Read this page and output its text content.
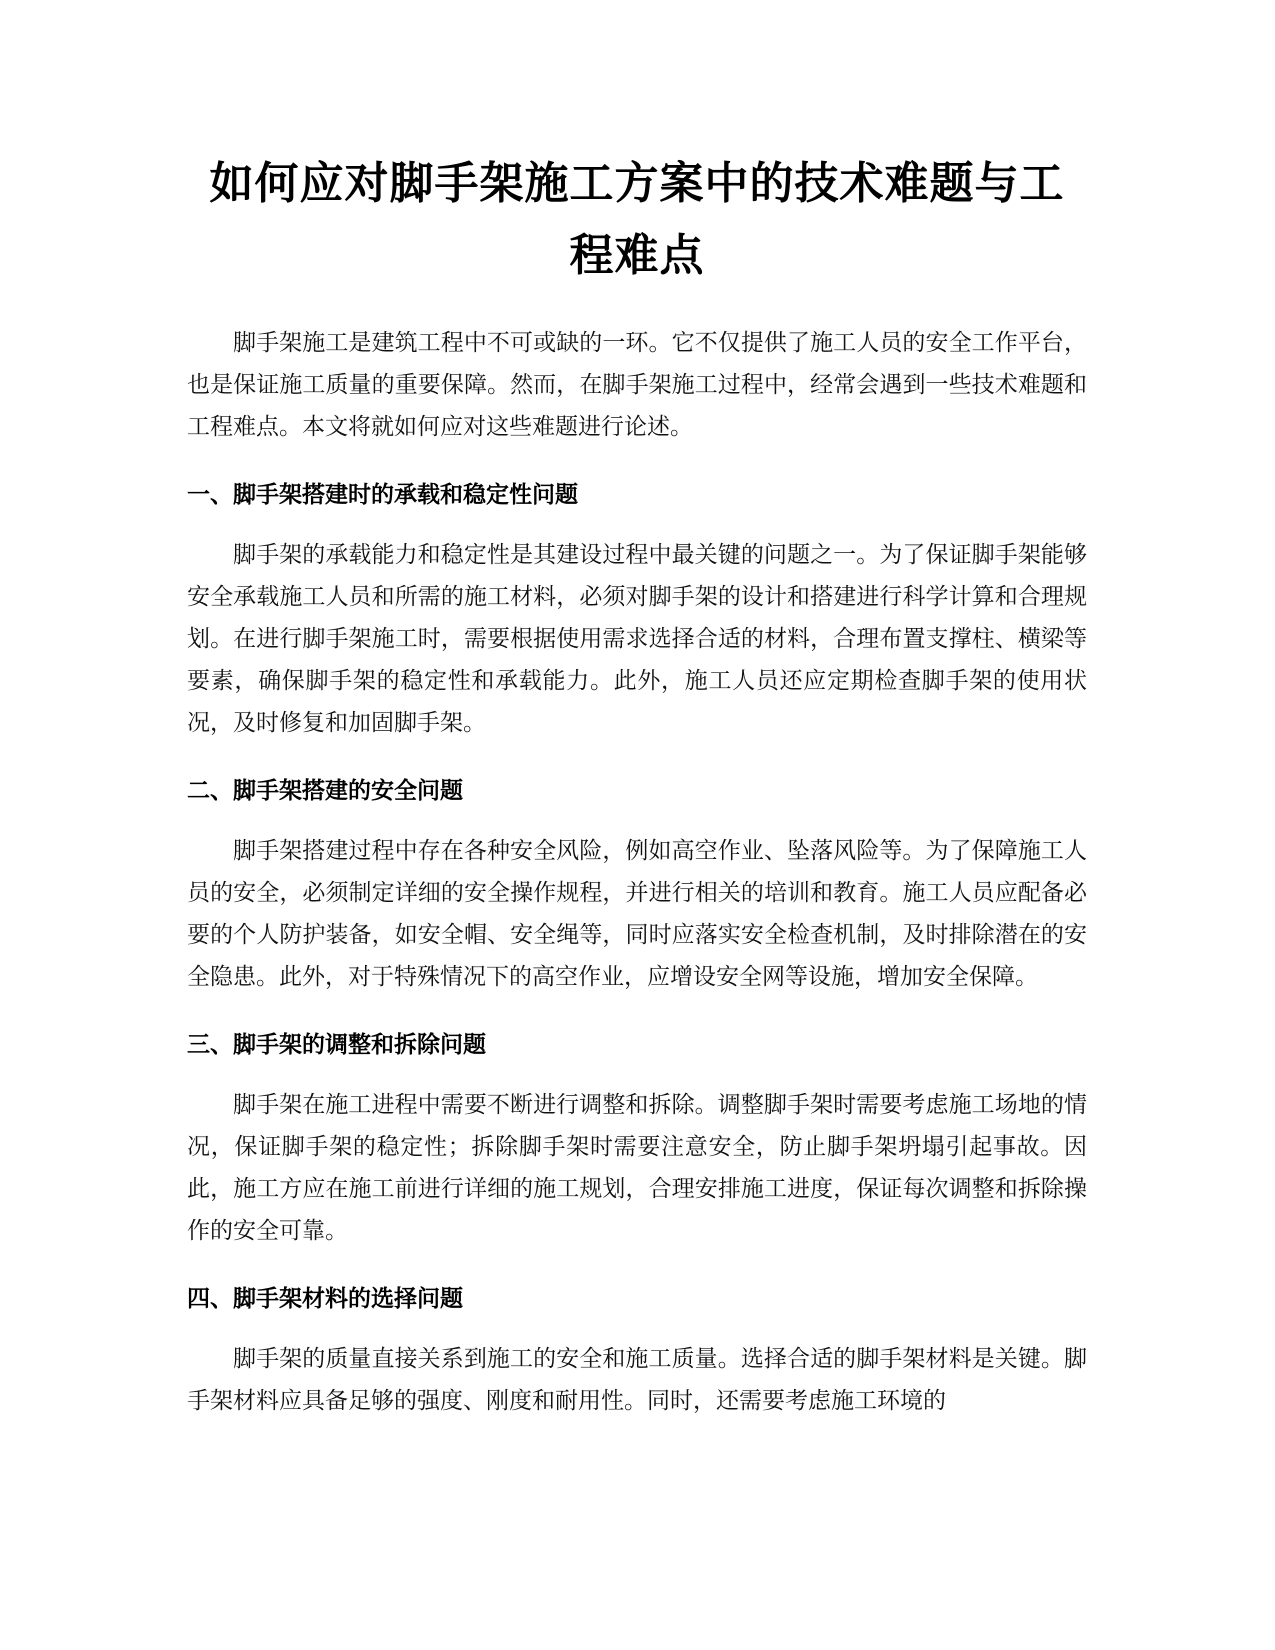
如何应对脚手架施工方案中的技术难题与工
程难点

脚手架施工是建筑工程中不可或缺的一环。它不仅提供了施工人员的安全工作平台，也是保证施工质量的重要保障。然而，在脚手架施工过程中，经常会遇到一些技术难题和工程难点。本文将就如何应对这些难题进行论述。

一、脚手架搭建时的承载和稳定性问题

脚手架的承载能力和稳定性是其建设过程中最关键的问题之一。为了保证脚手架能够安全承载施工人员和所需的施工材料，必须对脚手架的设计和搭建进行科学计算和合理规划。在进行脚手架施工时，需要根据使用需求选择合适的材料，合理布置支撑柱、横梁等要素，确保脚手架的稳定性和承载能力。此外，施工人员还应定期检查脚手架的使用状况，及时修复和加固脚手架。

二、脚手架搭建的安全问题

脚手架搭建过程中存在各种安全风险，例如高空作业、坠落风险等。为了保障施工人员的安全，必须制定详细的安全操作规程，并进行相关的培训和教育。施工人员应配备必要的个人防护装备，如安全帽、安全绳等，同时应落实安全检查机制，及时排除潜在的安全隐患。此外，对于特殊情况下的高空作业，应增设安全网等设施，增加安全保障。

三、脚手架的调整和拆除问题

脚手架在施工进程中需要不断进行调整和拆除。调整脚手架时需要考虑施工场地的情况，保证脚手架的稳定性；拆除脚手架时需要注意安全，防止脚手架坍塌引起事故。因此，施工方应在施工前进行详细的施工规划，合理安排施工进度，保证每次调整和拆除操作的安全可靠。

四、脚手架材料的选择问题

脚手架的质量直接关系到施工的安全和施工质量。选择合适的脚手架材料是关键。脚手架材料应具备足够的强度、刚度和耐用性。同时，还需要考虑施工环境的
